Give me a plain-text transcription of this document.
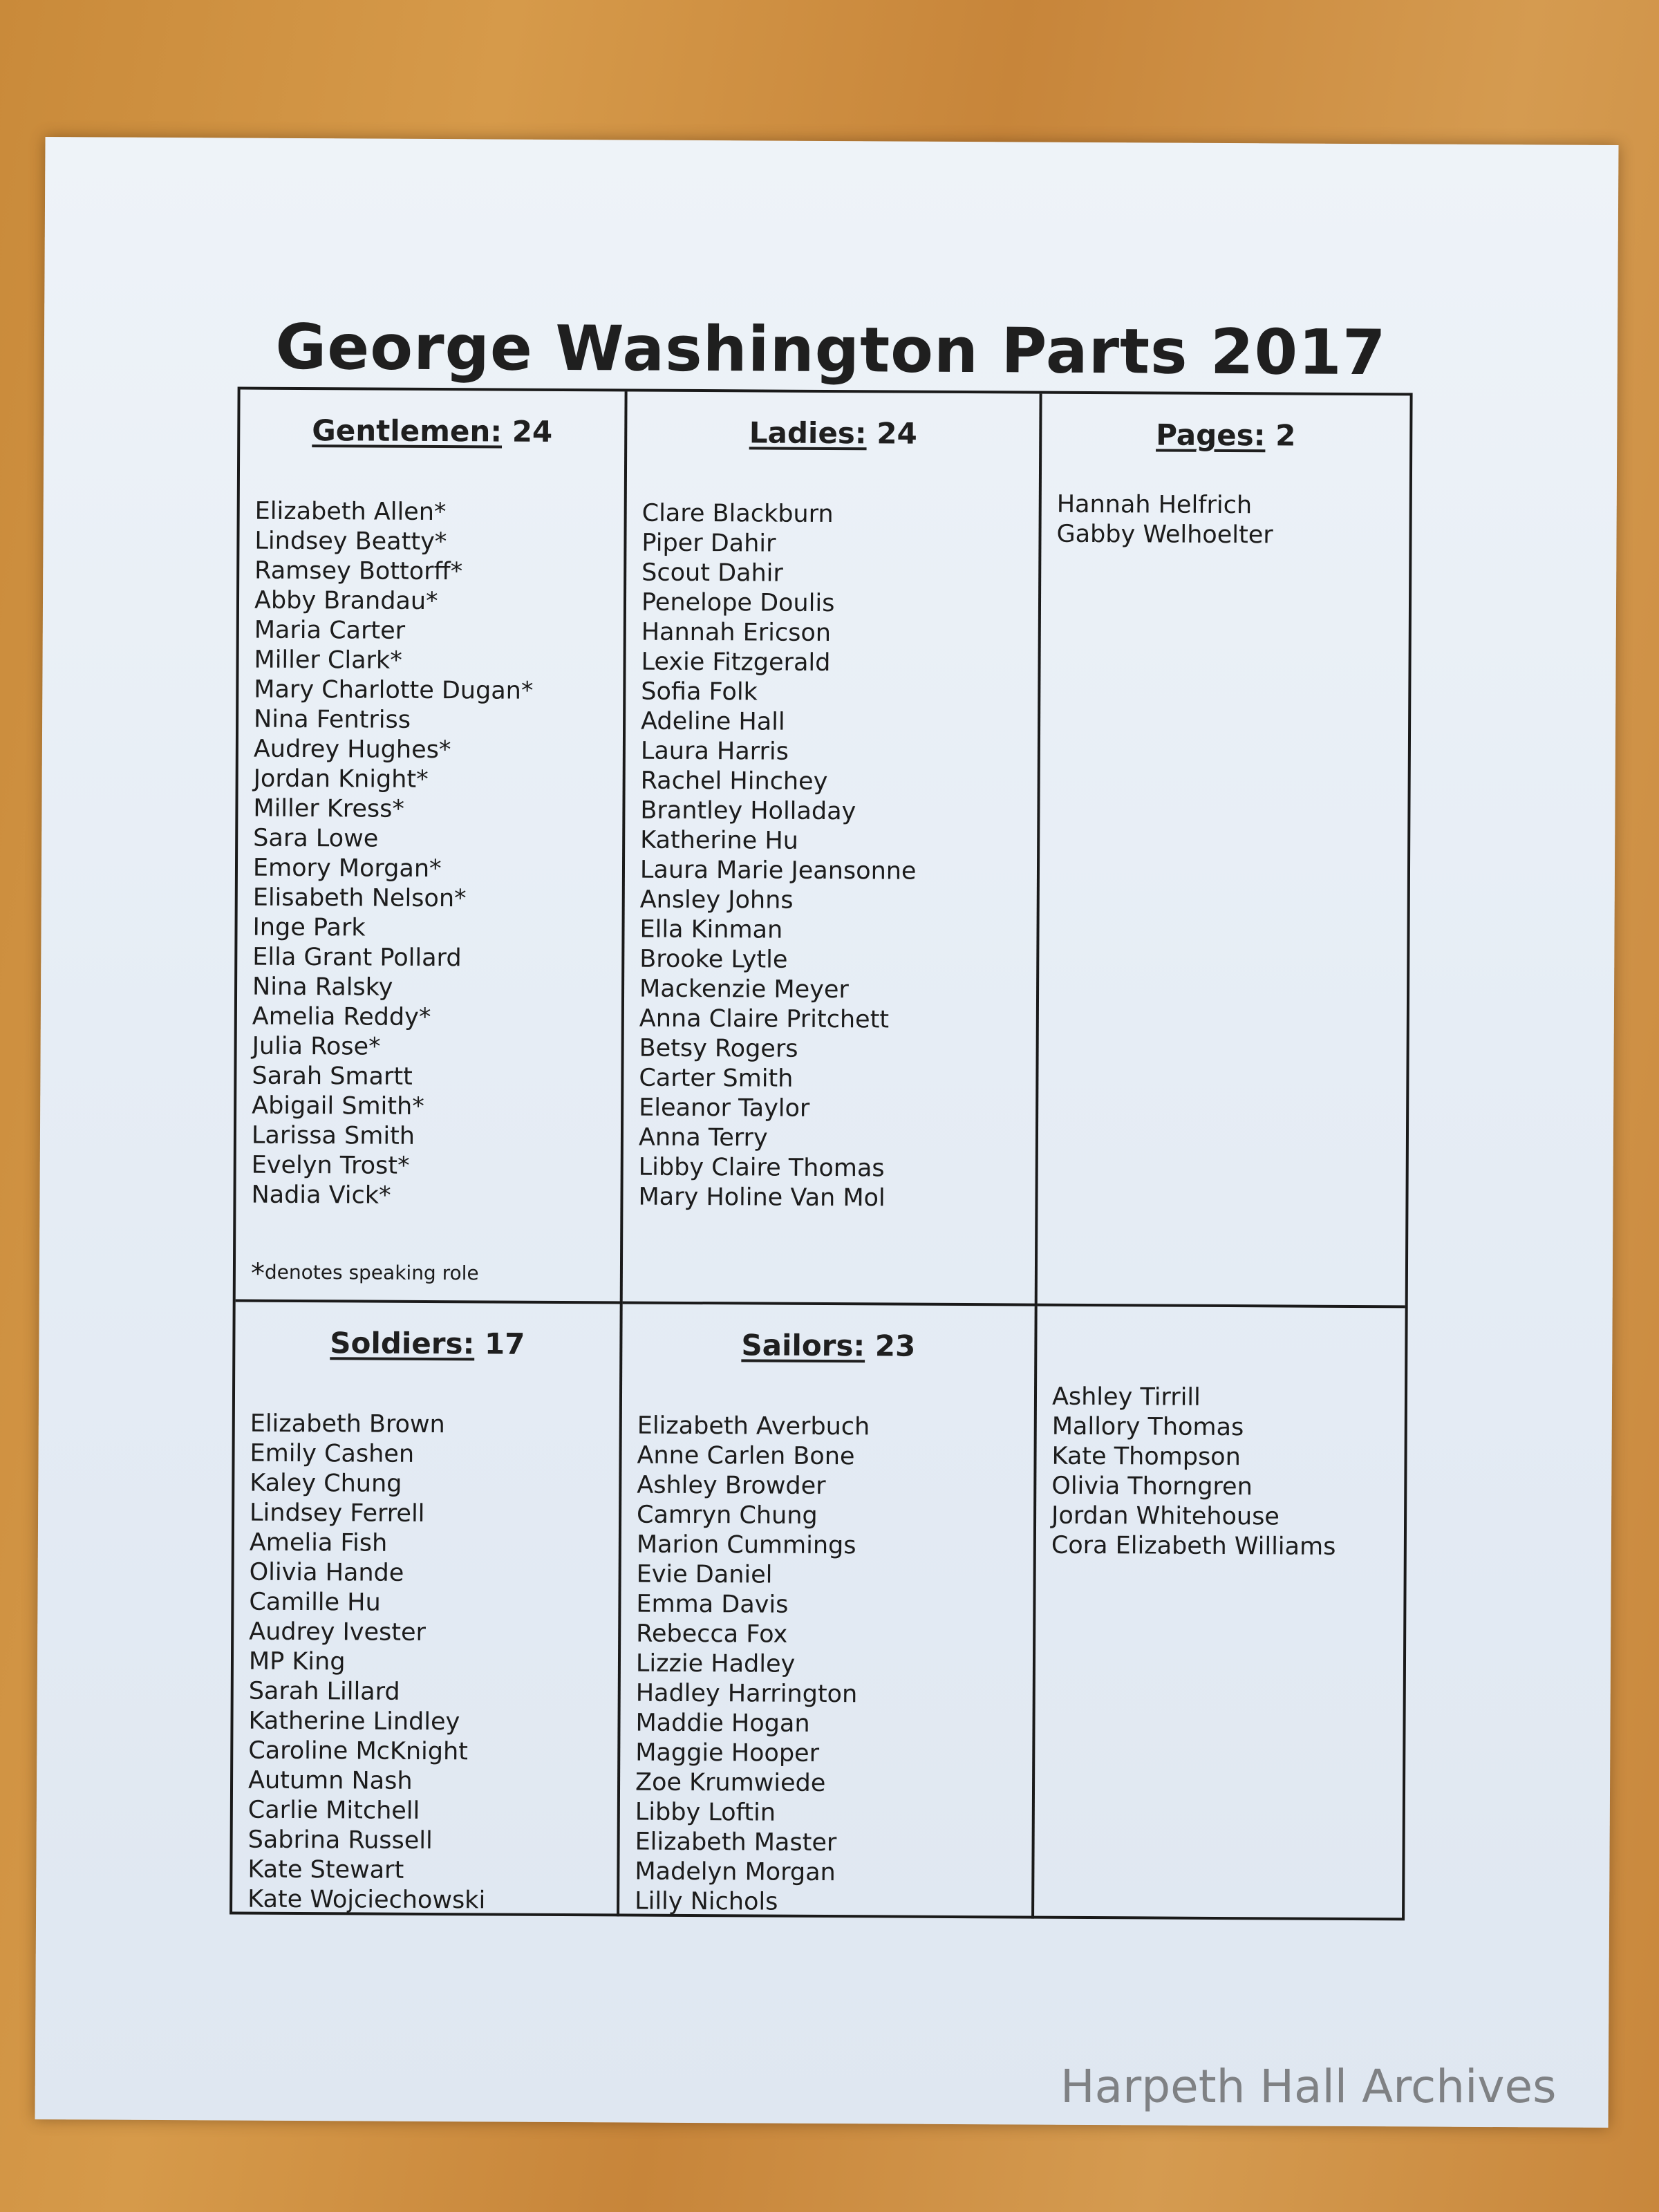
George Washington Parts 2017
Gentlemen: 24
Elizabeth Allen*
Lindsey Beatty*
Ramsey Bottorff*
Abby Brandau*
Maria Carter
Miller Clark*
Mary Charlotte Dugan*
Nina Fentriss
Audrey Hughes*
Jordan Knight*
Miller Kress*
Sara Lowe
Emory Morgan*
Elisabeth Nelson*
Inge Park
Ella Grant Pollard
Nina Ralsky
Amelia Reddy*
Julia Rose*
Sarah Smartt
Abigail Smith*
Larissa Smith
Evelyn Trost*
Nadia Vick*
*denotes speaking role
Ladies: 24
Clare Blackburn
Piper Dahir
Scout Dahir
Penelope Doulis
Hannah Ericson
Lexie Fitzgerald
Sofia Folk
Adeline Hall
Laura Harris
Rachel Hinchey
Brantley Holladay
Katherine Hu
Laura Marie Jeansonne
Ansley Johns
Ella Kinman
Brooke Lytle
Mackenzie Meyer
Anna Claire Pritchett
Betsy Rogers
Carter Smith
Eleanor Taylor
Anna Terry
Libby Claire Thomas
Mary Holine Van Mol
Pages: 2
Hannah Helfrich
Gabby Welhoelter
Soldiers: 17
Elizabeth Brown
Emily Cashen
Kaley Chung
Lindsey Ferrell
Amelia Fish
Olivia Hande
Camille Hu
Audrey Ivester
MP King
Sarah Lillard
Katherine Lindley
Caroline McKnight
Autumn Nash
Carlie Mitchell
Sabrina Russell
Kate Stewart
Kate Wojciechowski
Sailors: 23
Elizabeth Averbuch
Anne Carlen Bone
Ashley Browder
Camryn Chung
Marion Cummings
Evie Daniel
Emma Davis
Rebecca Fox
Lizzie Hadley
Hadley Harrington
Maddie Hogan
Maggie Hooper
Zoe Krumwiede
Libby Loftin
Elizabeth Master
Madelyn Morgan
Lilly Nichols
Ashley Tirrill
Mallory Thomas
Kate Thompson
Olivia Thorngren
Jordan Whitehouse
Cora Elizabeth Williams
Harpeth Hall Archives
